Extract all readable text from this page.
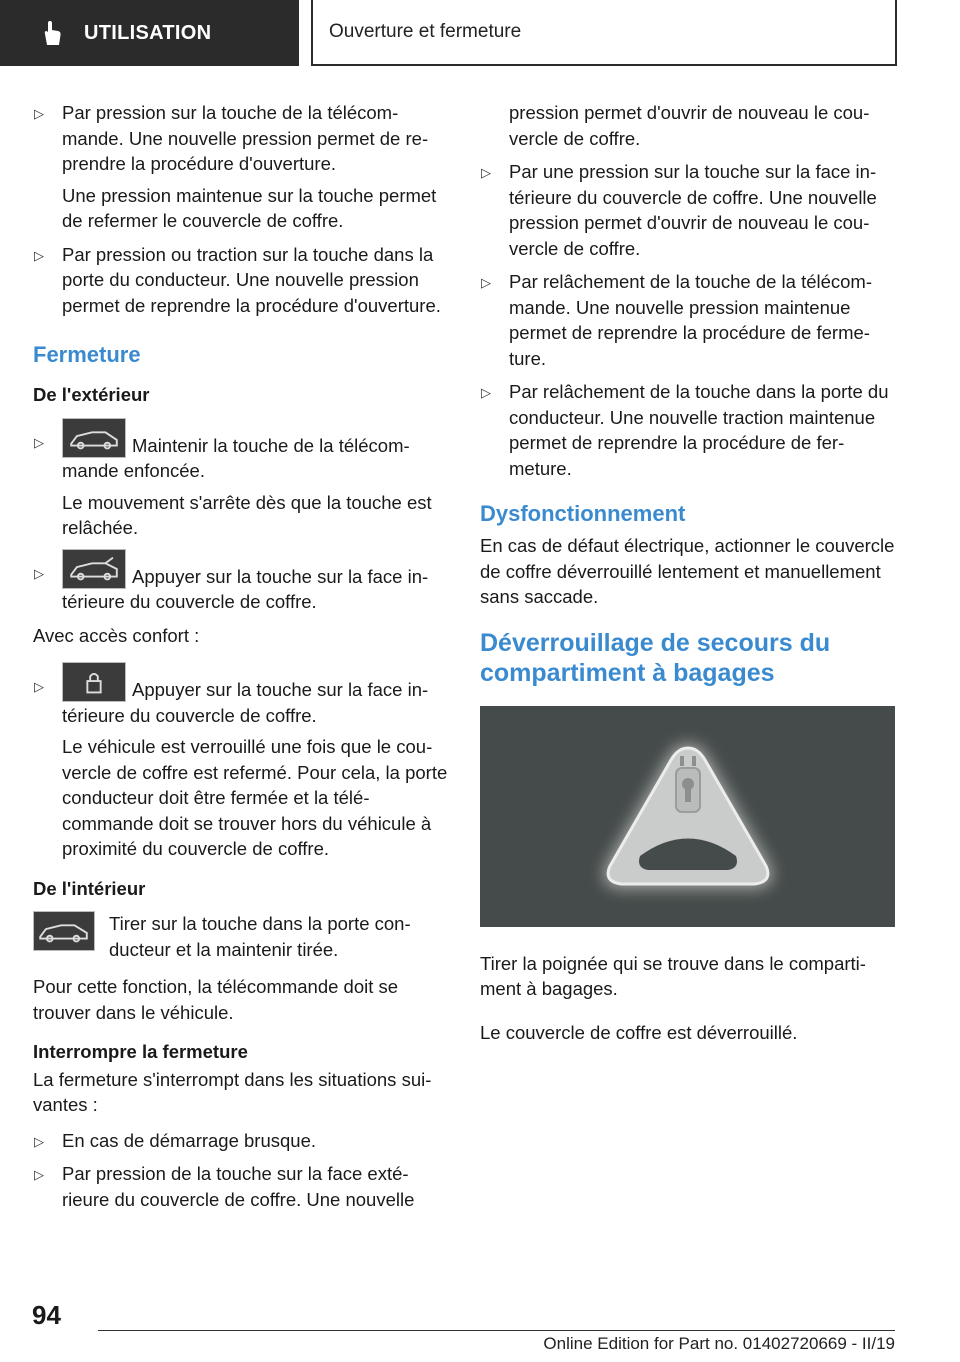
UTILISATION	Ouverture et fermeture
▷ Par pression sur la touche de la télécommande. Une nouvelle pression permet de reprendre la procédure d'ouverture.

Une pression maintenue sur la touche permet de refermer le couvercle de coffre.

▷ Par pression ou traction sur la touche dans la porte du conducteur. Une nouvelle pression permet de reprendre la procédure d'ouverture.

Fermeture
De l'extérieur
▷	Maintenir la touche de la télécommande enfoncée.

Le mouvement s'arrête dès que la touche est relâchée.

▷	Appuyer sur la touche sur la face intérieure du couvercle de coffre.

Avec accès confort :

▷	Appuyer sur la touche sur la face intérieure du couvercle de coffre.

Le véhicule est verrouillé une fois que le couvercle de coffre est refermé. Pour cela, la porte conducteur doit être fermée et la télécommande doit se trouver hors du véhicule à proximité du couvercle de coffre.

De l'intérieur

Tirer sur la touche dans la porte conducteur et la maintenir tirée.

Pour cette fonction, la télécommande doit se trouver dans le véhicule.

Interrompre la fermeture

La fermeture s'interrompt dans les situations suivantes :

▷ En cas de démarrage brusque.

▷ Par pression de la touche sur la face extérieure du couvercle de coffre. Une nouvelle

pression permet d'ouvrir de nouveau le couvercle de coffre.

▷ Par une pression sur la touche sur la face intérieure du couvercle de coffre. Une nouvelle pression permet d'ouvrir de nouveau le couvercle de coffre.

▷ Par relâchement de la touche de la télécommande. Une nouvelle pression maintenue permet de reprendre la procédure de fermeture.

▷ Par relâchement de la touche dans la porte du conducteur. Une nouvelle traction maintenue permet de reprendre la procédure de fermeture.

Dysfonctionnement

En cas de défaut électrique, actionner le couvercle de coffre déverrouillé lentement et manuellement sans saccade.

Déverrouillage de secours du compartiment à bagages

Tirer la poignée qui se trouve dans le compartiment à bagages.

Le couvercle de coffre est déverrouillé.

94
Online Edition for Part no. 01402720669 - II/19
